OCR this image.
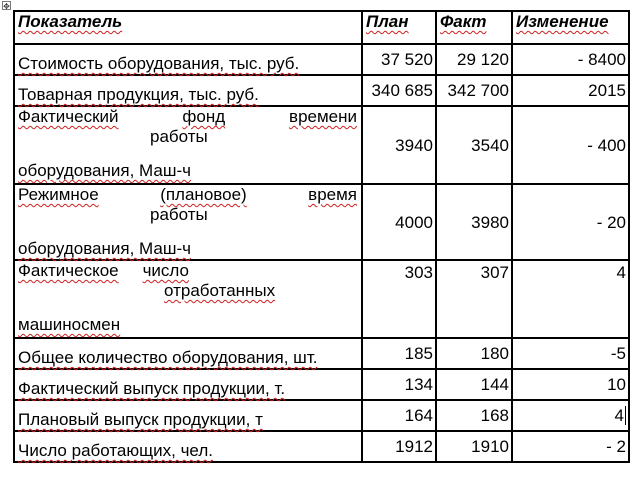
✥
Показатель	План	Факт	Изменение
Стоимость оборудования, тыс. руб.	37 520	29 120	- 8400
Товарная продукция, тыс. руб.	340 685	342 700	2015

Фактический фонд времени
работы
оборудования, Маш-ч	3940	3540	- 400

Режимное (плановое) время
работы
оборудования, Маш-ч	4000	3980	- 20

Фактическое число
отработанных
машиносмен	303	307	4
Общее количество оборудования, шт.	185	180	-5
Фактический выпуск продукции, т.	134	144	10
Плановый выпуск продукции, т	164	168	4
Число работающих, чел.	1912	1910	- 2
